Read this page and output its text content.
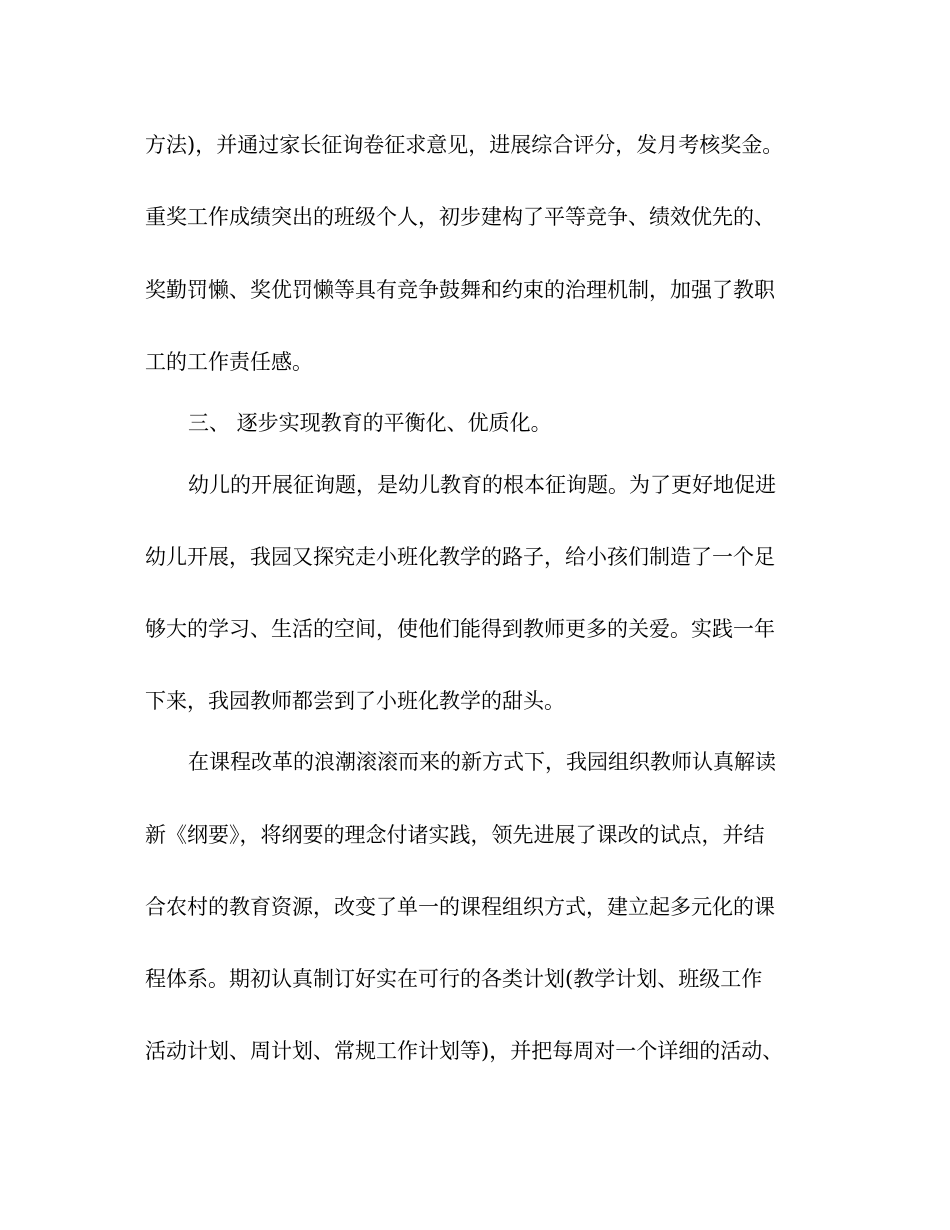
方法)，并通过家长征询卷征求意见，进展综合评分，发月考核奖金。
重奖工作成绩突出的班级个人，初步建构了平等竞争、绩效优先的、
奖勤罚懒、奖优罚懒等具有竞争鼓舞和约束的治理机制，加强了教职
工的工作责任感。
三、 逐步实现教育的平衡化、优质化。
幼儿的开展征询题，是幼儿教育的根本征询题。为了更好地促进
幼儿开展，我园又探究走小班化教学的路子，给小孩们制造了一个足
够大的学习、生活的空间，使他们能得到教师更多的关爱。实践一年
下来，我园教师都尝到了小班化教学的甜头。
在课程改革的浪潮滚滚而来的新方式下，我园组织教师认真解读
新《纲要》，将纲要的理念付诸实践，领先进展了课改的试点，并结
合农村的教育资源，改变了单一的课程组织方式，建立起多元化的课
程体系。期初认真制订好实在可行的各类计划(教学计划、班级工作
活动计划、周计划、常规工作计划等)，并把每周对一个详细的活动、
